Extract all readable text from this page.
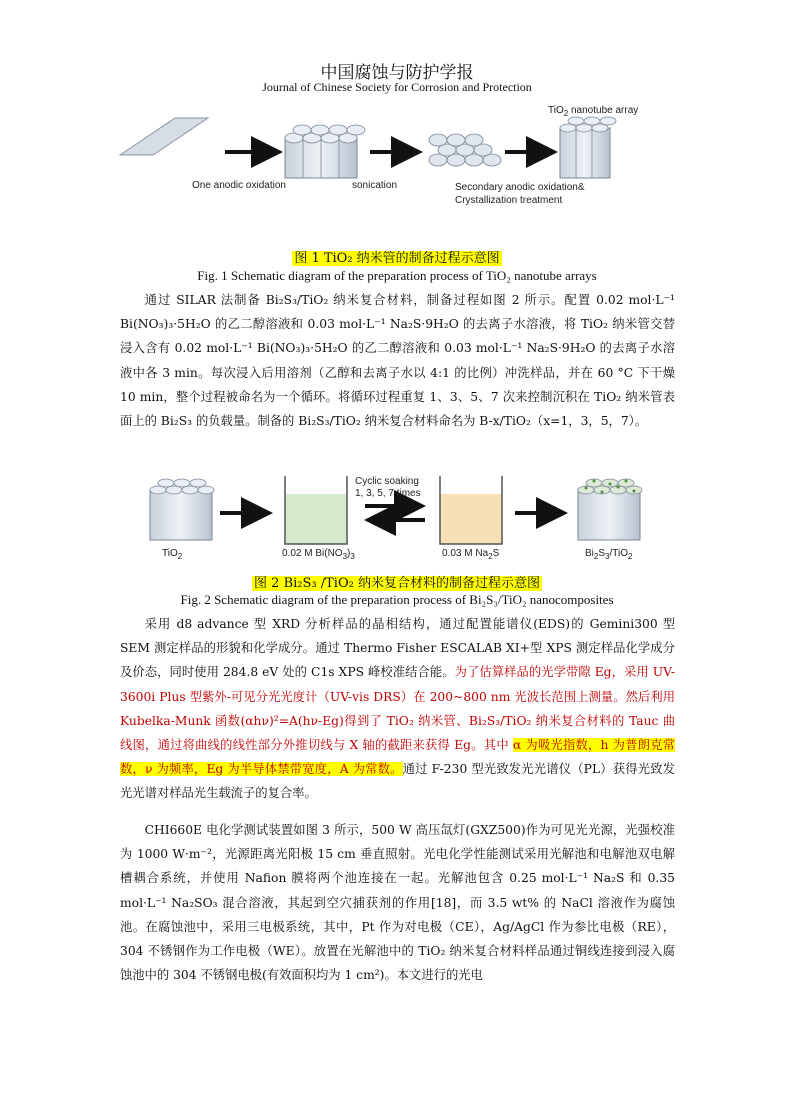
中国腐蚀与防护学报
Journal of Chinese Society for Corrosion and Protection
One anodic oxidation	sonication	Secondary anodic oxidation&
Crystallization treatment
TiO$_2$ nanotube array
图 1 TiO₂ 纳米管的制备过程示意图
Fig. 1 Schematic diagram of the preparation process of TiO₂ nanotube arrays
通过 SILAR 法制备 Bi₂S₃/TiO₂ 纳米复合材料，制备过程如图 2 所示。配置 0.02 mol·L⁻¹ Bi(NO₃)₃·5H₂O 的乙二醇溶液和 0.03 mol·L⁻¹ Na₂S·9H₂O 的去离子水溶液，将 TiO₂ 纳米管交替浸入含有 0.02 mol·L⁻¹ Bi(NO₃)₃·5H₂O 的乙二醇溶液和 0.03 mol·L⁻¹ Na₂S·9H₂O 的去离子水溶液中各 3 min。每次浸入后用溶剂（乙醇和去离子水以 4:1 的比例）冲洗样品，并在 60 °C 下干燥 10 min，整个过程被命名为一个循环。将循环过程重复 1、3、5、7 次来控制沉积在 TiO₂ 纳米管表面上的 Bi₂S₃ 的负载量。制备的 Bi₂S₃/TiO₂ 纳米复合材料命名为 B-x/TiO₂（x=1，3，5，7）。
Cyclic soaking
1, 3, 5, 7 times
TiO$_2$	0.02 M $Bi(NO_3)_3$	0.03 M $Na_2S$	$Bi_2S_3/TiO_2$
图 2 Bi₂S₃ /TiO₂ 纳米复合材料的制备过程示意图
Fig. 2 Schematic diagram of the preparation process of Bi₂S₃/TiO₂ nanocomposites
采用 d8 advance 型 XRD 分析样品的晶相结构，通过配置能谱仪(EDS)的 Gemini300 型 SEM 测定样品的形貌和化学成分。通过 Thermo Fisher ESCALAB XI+型 XPS 测定样品化学成分及价态，同时使用 284.8 eV 处的 C1s XPS 峰校准结合能。为了估算样品的光学带隙 Eg，采用 UV-3600i Plus 型紫外-可见分光光度计（UV-vis DRS）在 200~800 nm 光波长范围上测量。然后利用 Kubelka-Munk 函数(αhν)²=A(hν-Eg)得到了 TiO₂ 纳米管、Bi₂S₃/TiO₂ 纳米复合材料的 Tauc 曲线图，通过将曲线的线性部分外推切线与 X 轴的截距来获得 Eg。其中 α 为吸光指数，h 为普朗克常数，ν 为频率，Eg 为半导体禁带宽度，A 为常数。通过 F-230 型光致发光光谱仪（PL）获得光致发光光谱对样品光生载流子的复合率。
CHI660E 电化学测试装置如图 3 所示，500 W 高压氙灯(GXZ500)作为可见光光源，光强校准为 1000 W·m⁻²，光源距离光阳极 15 cm 垂直照射。光电化学性能测试采用光解池和电解池双电解槽耦合系统，并使用 Nafion 膜将两个池连接在一起。光解池包含 0.25 mol·L⁻¹ Na₂S 和 0.35 mol·L⁻¹ Na₂SO₃ 混合溶液，其起到空穴捕获剂的作用[18]，而 3.5 wt% 的 NaCl 溶液作为腐蚀池。在腐蚀池中，采用三电极系统，其中，Pt 作为对电极（CE），Ag/AgCl 作为参比电极（RE），304 不锈钢作为工作电极（WE）。放置在光解池中的 TiO₂ 纳米复合材料样品通过铜线连接到浸入腐蚀池中的 304 不锈钢电极(有效面积均为 1 cm²)。本文进行的光电
